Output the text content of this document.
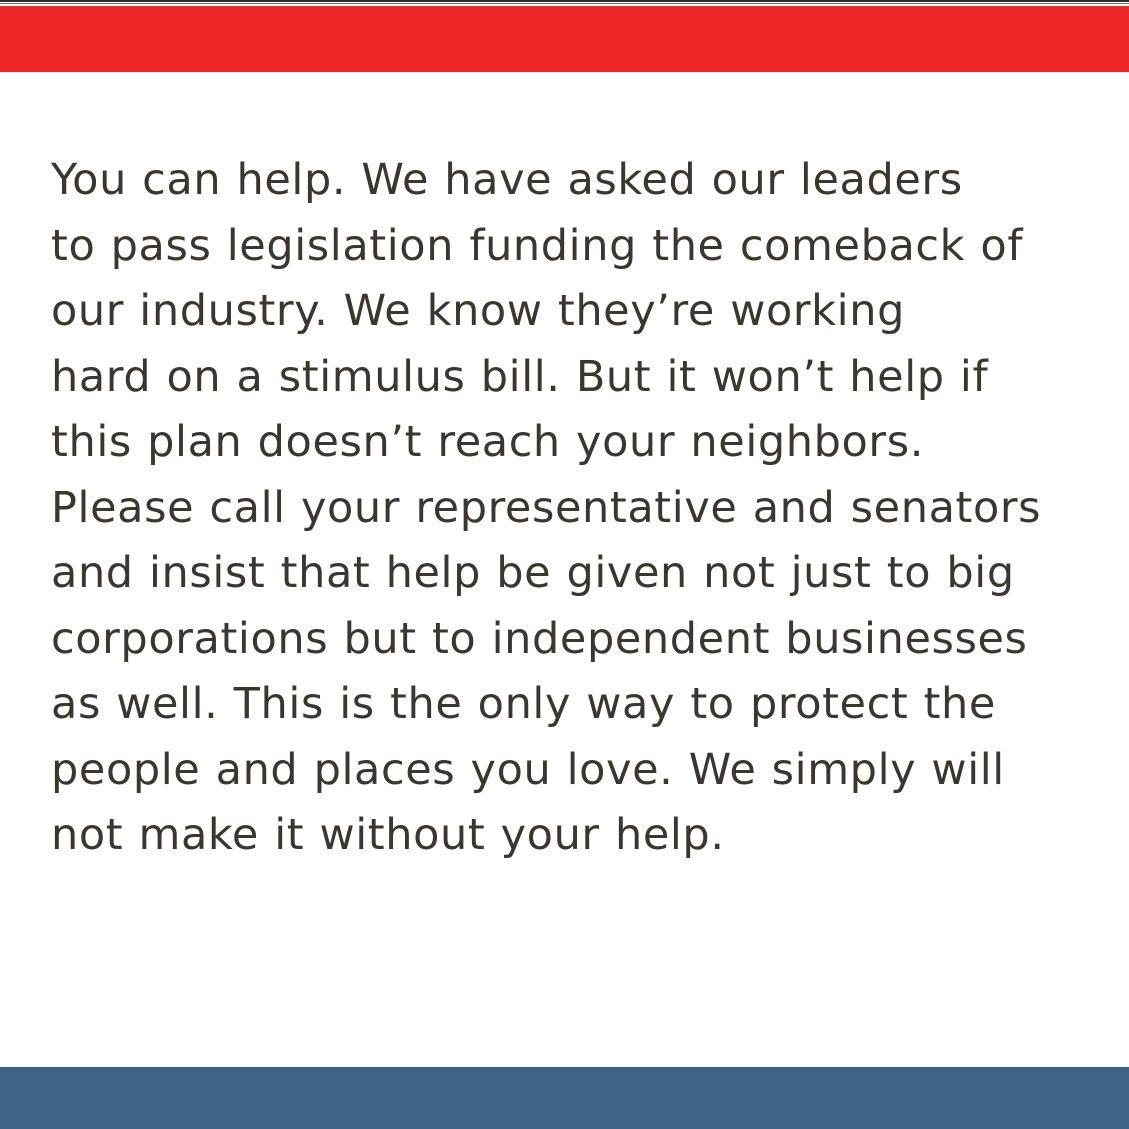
You can help. We have asked our leaders
to pass legislation funding the comeback of
our industry. We know they’re working
hard on a stimulus bill. But it won’t help if
this plan doesn’t reach your neighbors.
Please call your representative and senators
and insist that help be given not just to big
corporations but to independent businesses
as well. This is the only way to protect the
people and places you love. We simply will
not make it without your help.
